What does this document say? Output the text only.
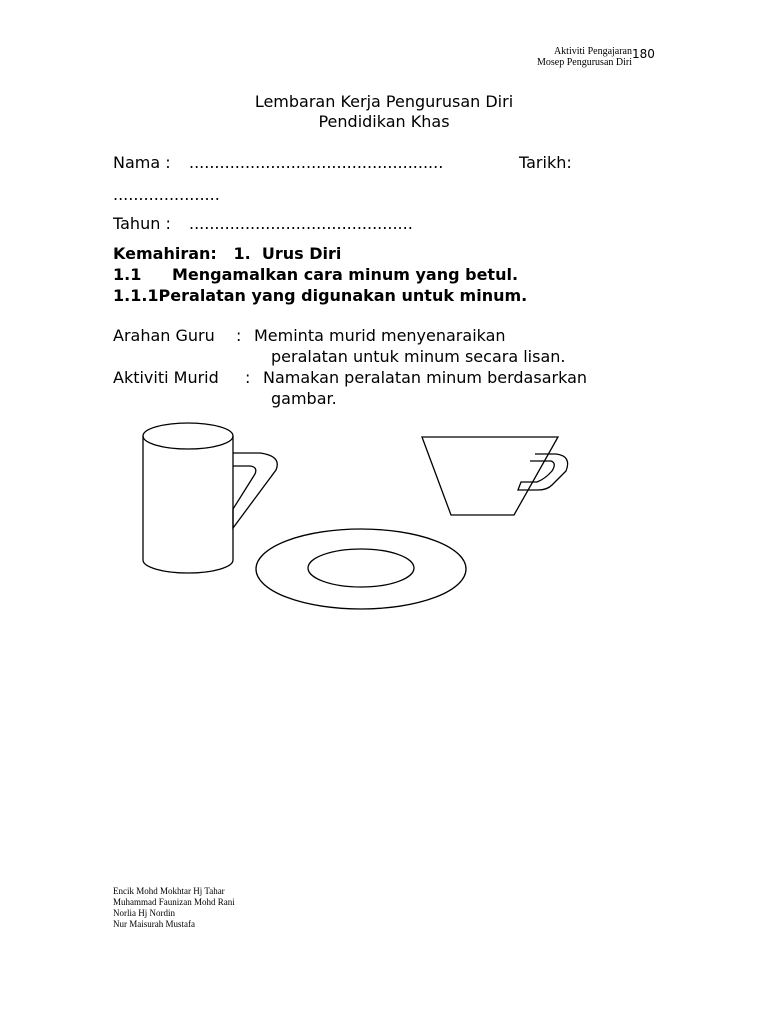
Aktiviti Pengajaran
Mosep Pengurusan Diri
180
Lembaran Kerja Pengurusan Diri
Pendidikan Khas
Nama : ..................................................	Tarikh:
.....................
Tahun : ............................................
Kemahiran:   1.  Urus Diri
1.1 Mengamalkan cara minum yang betul.
1.1.1Peralatan yang digunakan untuk minum.
Arahan Guru : Meminta murid menyenaraikan
peralatan untuk minum secara lisan.
Aktiviti Murid : Namakan peralatan minum berdasarkan
gambar.
Encik Mohd Mokhtar Hj Tahar
Muhammad Faunizan Mohd Rani
Norlia Hj Nordin
Nur Maisurah Mustafa
